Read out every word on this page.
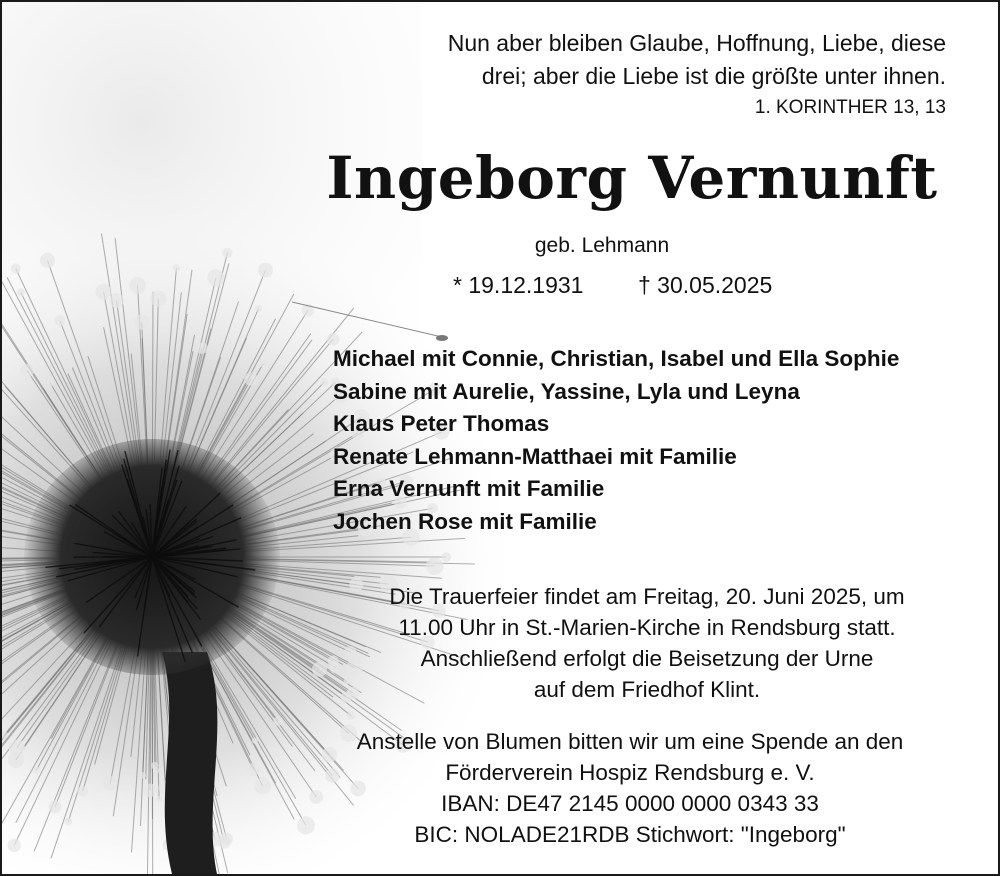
Nun aber bleiben Glaube, Hoffnung, Liebe, diese
drei; aber die Liebe ist die größte unter ihnen.
1. KORINTHER 13, 13
Ingeborg Vernunft
geb. Lehmann
* 19.12.1931 † 30.05.2025
Michael mit Connie, Christian, Isabel und Ella Sophie
Sabine mit Aurelie, Yassine, Lyla und Leyna
Klaus Peter Thomas
Renate Lehmann-Matthaei mit Familie
Erna Vernunft mit Familie
Jochen Rose mit Familie
Die Trauerfeier findet am Freitag, 20. Juni 2025, um
11.00 Uhr in St.-Marien-Kirche in Rendsburg statt.
Anschließend erfolgt die Beisetzung der Urne
auf dem Friedhof Klint.
Anstelle von Blumen bitten wir um eine Spende an den
Förderverein Hospiz Rendsburg e. V.
IBAN: DE47 2145 0000 0000 0343 33
BIC: NOLADE21RDB Stichwort: "Ingeborg"
